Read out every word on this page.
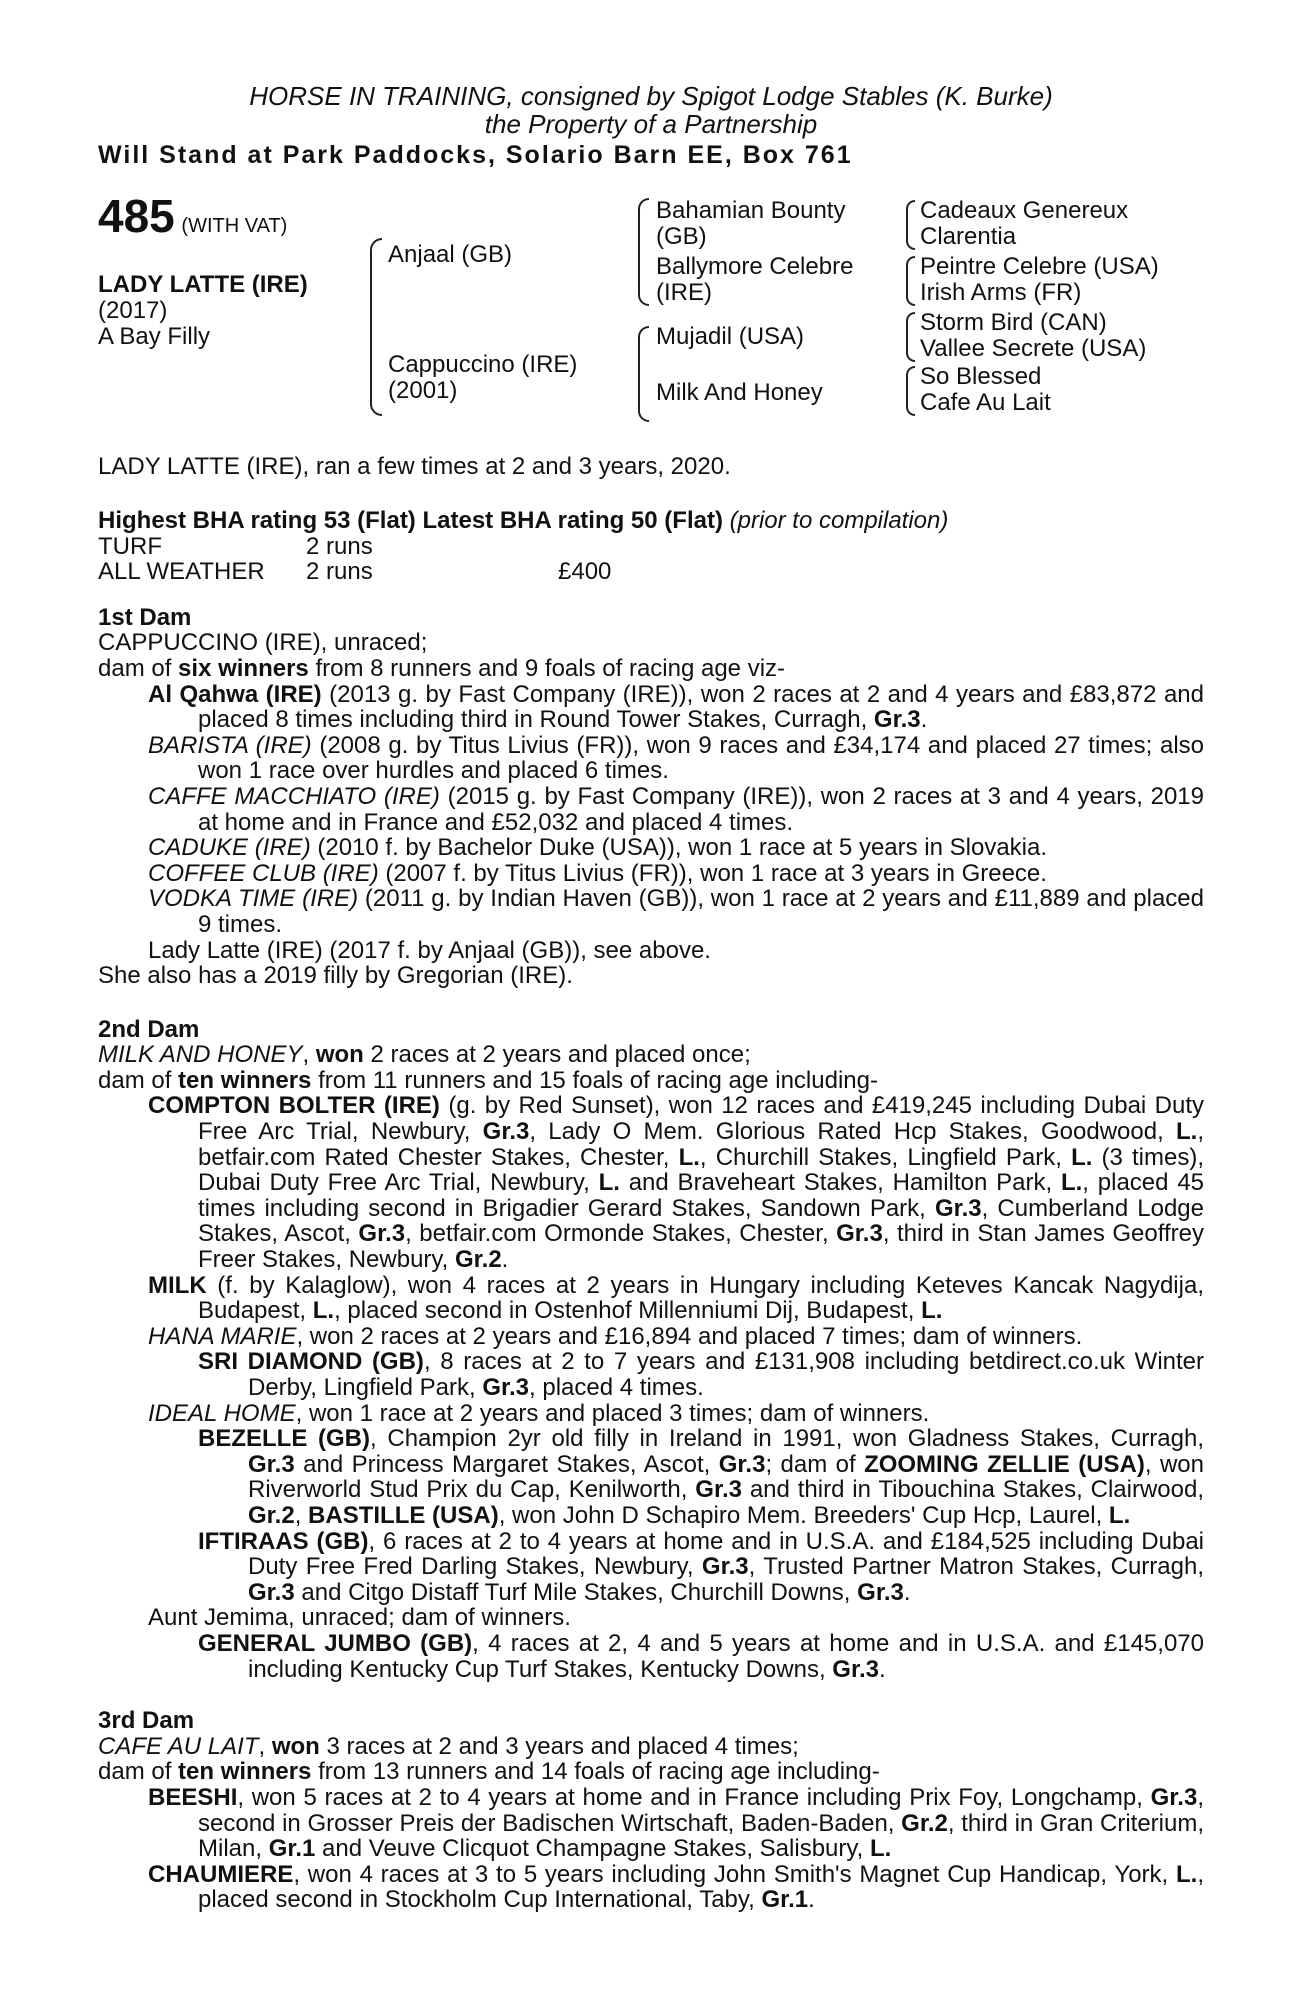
HORSE IN TRAINING, consigned by Spigot Lodge Stables (K. Burke)
the Property of a Partnership
Will Stand at Park Paddocks, Solario Barn EE, Box 761
485 (WITH VAT)
LADY LATTE (IRE)
(2017)
A Bay Filly
Anjaal (GB)
Cappuccino (IRE)
(2001)
Bahamian Bounty
(GB)
Ballymore Celebre
(IRE)
Mujadil (USA)
Milk And Honey
Cadeaux Genereux
Clarentia
Peintre Celebre (USA)
Irish Arms (FR)
Storm Bird (CAN)
Vallee Secrete (USA)
So Blessed
Cafe Au Lait
LADY LATTE (IRE), ran a few times at 2 and 3 years, 2020.

Highest BHA rating 53 (Flat) Latest BHA rating 50 (Flat) (prior to compilation)

TURF	2 runs
ALL WEATHER	2 runs	£400
1st Dam

CAPPUCCINO (IRE), unraced;

dam of six winners from 8 runners and 9 foals of racing age viz-

Al Qahwa (IRE) (2013 g. by Fast Company (IRE)), won 2 races at 2 and 4 years and £83,872 and placed 8 times including third in Round Tower Stakes, Curragh, Gr.3.

BARISTA (IRE) (2008 g. by Titus Livius (FR)), won 9 races and £34,174 and placed 27 times; also won 1 race over hurdles and placed 6 times.

CAFFE MACCHIATO (IRE) (2015 g. by Fast Company (IRE)), won 2 races at 3 and 4 years, 2019 at home and in France and £52,032 and placed 4 times.

CADUKE (IRE) (2010 f. by Bachelor Duke (USA)), won 1 race at 5 years in Slovakia.

COFFEE CLUB (IRE) (2007 f. by Titus Livius (FR)), won 1 race at 3 years in Greece.

VODKA TIME (IRE) (2011 g. by Indian Haven (GB)), won 1 race at 2 years and £11,889 and placed 9 times.

Lady Latte (IRE) (2017 f. by Anjaal (GB)), see above.

She also has a 2019 filly by Gregorian (IRE).

2nd Dam

MILK AND HONEY, won 2 races at 2 years and placed once;

dam of ten winners from 11 runners and 15 foals of racing age including-

COMPTON BOLTER (IRE) (g. by Red Sunset), won 12 races and £419,245 including Dubai Duty Free Arc Trial, Newbury, Gr.3, Lady O Mem. Glorious Rated Hcp Stakes, Goodwood, L., betfair.com Rated Chester Stakes, Chester, L., Churchill Stakes, Lingfield Park, L. (3 times), Dubai Duty Free Arc Trial, Newbury, L. and Braveheart Stakes, Hamilton Park, L., placed 45 times including second in Brigadier Gerard Stakes, Sandown Park, Gr.3, Cumberland Lodge Stakes, Ascot, Gr.3, betfair.com Ormonde Stakes, Chester, Gr.3, third in Stan James Geoffrey Freer Stakes, Newbury, Gr.2.

MILK (f. by Kalaglow), won 4 races at 2 years in Hungary including Keteves Kancak Nagydija, Budapest, L., placed second in Ostenhof Millenniumi Dij, Budapest, L.

HANA MARIE, won 2 races at 2 years and £16,894 and placed 7 times; dam of winners.

SRI DIAMOND (GB), 8 races at 2 to 7 years and £131,908 including betdirect.co.uk Winter Derby, Lingfield Park, Gr.3, placed 4 times.

IDEAL HOME, won 1 race at 2 years and placed 3 times; dam of winners.

BEZELLE (GB), Champion 2yr old filly in Ireland in 1991, won Gladness Stakes, Curragh, Gr.3 and Princess Margaret Stakes, Ascot, Gr.3; dam of ZOOMING ZELLIE (USA), won Riverworld Stud Prix du Cap, Kenilworth, Gr.3 and third in Tibouchina Stakes, Clairwood, Gr.2, BASTILLE (USA), won John D Schapiro Mem. Breeders' Cup Hcp, Laurel, L.

IFTIRAAS (GB), 6 races at 2 to 4 years at home and in U.S.A. and £184,525 including Dubai Duty Free Fred Darling Stakes, Newbury, Gr.3, Trusted Partner Matron Stakes, Curragh, Gr.3 and Citgo Distaff Turf Mile Stakes, Churchill Downs, Gr.3.

Aunt Jemima, unraced; dam of winners.

GENERAL JUMBO (GB), 4 races at 2, 4 and 5 years at home and in U.S.A. and £145,070 including Kentucky Cup Turf Stakes, Kentucky Downs, Gr.3.

3rd Dam

CAFE AU LAIT, won 3 races at 2 and 3 years and placed 4 times;

dam of ten winners from 13 runners and 14 foals of racing age including-

BEESHI, won 5 races at 2 to 4 years at home and in France including Prix Foy, Longchamp, Gr.3, second in Grosser Preis der Badischen Wirtschaft, Baden-Baden, Gr.2, third in Gran Criterium, Milan, Gr.1 and Veuve Clicquot Champagne Stakes, Salisbury, L.

CHAUMIERE, won 4 races at 3 to 5 years including John Smith's Magnet Cup Handicap, York, L., placed second in Stockholm Cup International, Taby, Gr.1.
